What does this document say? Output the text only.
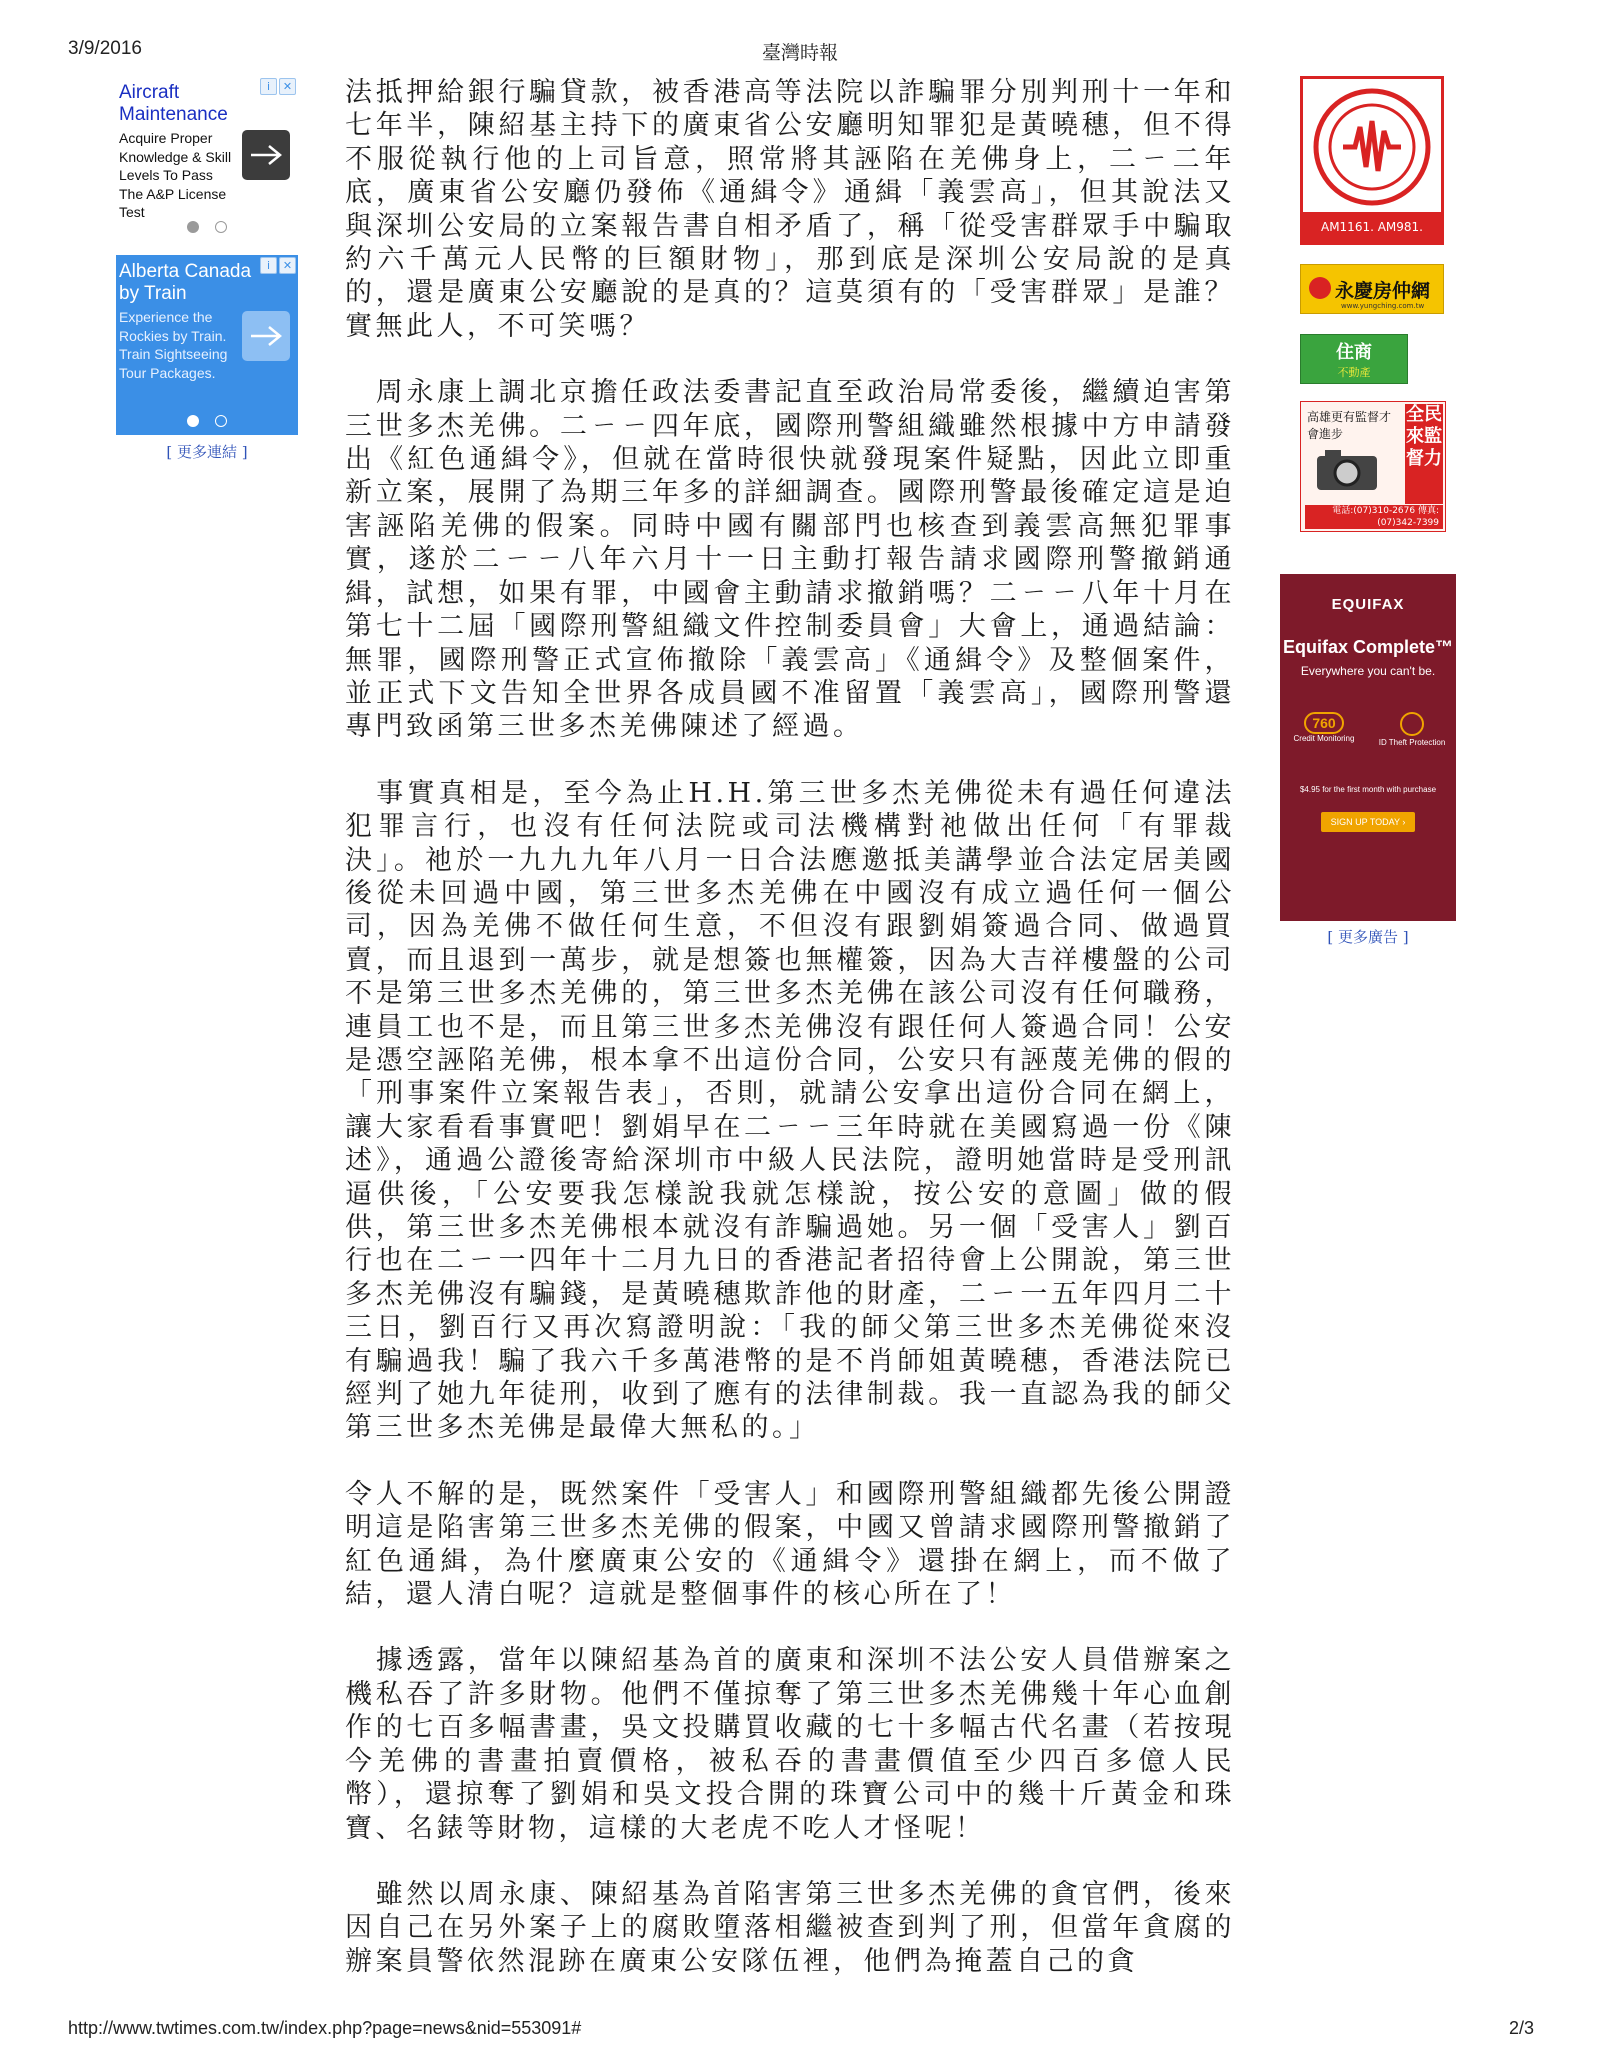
3/9/2016	臺灣時報
i	✕
Aircraft Maintenance
Acquire Proper Knowledge & Skill Levels To Pass The A&P License Test
i	✕
Alberta Canada by Train
Experience the Rockies by Train. Train Sightseeing Tour Packages.
[ 更多連結 ]

法抵押給銀行騙貸款，被香港高等法院以詐騙罪分別判刑十一年和七年半，陳紹基主持下的廣東省公安廳明知罪犯是黃曉穗，但不得不服從執行他的上司旨意，照常將其誣陷在羌佛身上，二ㄧ二年底，廣東省公安廳仍發佈《通緝令》通緝「義雲高」，但其說法又與深圳公安局的立案報告書自相矛盾了，稱「從受害群眾手中騙取約六千萬元人民幣的巨額財物」，那到底是深圳公安局說的是真的，還是廣東公安廳說的是真的？這莫須有的「受害群眾」是誰？實無此人，不可笑嗎？

　周永康上調北京擔任政法委書記直至政治局常委後，繼續迫害第三世多杰羌佛。二ㄧㄧ四年底，國際刑警組織雖然根據中方申請發出《紅色通緝令》，但就在當時很快就發現案件疑點，因此立即重新立案，展開了為期三年多的詳細調查。國際刑警最後確定這是迫害誣陷羌佛的假案。同時中國有關部門也核查到義雲高無犯罪事實，遂於二ㄧㄧ八年六月十一日主動打報告請求國際刑警撤銷通緝，試想，如果有罪，中國會主動請求撤銷嗎？二ㄧㄧ八年十月在第七十二屆「國際刑警組織文件控制委員會」大會上，通過結論：無罪，國際刑警正式宣佈撤除「義雲高」《通緝令》及整個案件，並正式下文告知全世界各成員國不准留置「義雲高」，國際刑警還專門致函第三世多杰羌佛陳述了經過。

　事實真相是，至今為止H.H.第三世多杰羌佛從未有過任何違法犯罪言行，也沒有任何法院或司法機構對祂做出任何「有罪裁決」。祂於一九九九年八月一日合法應邀抵美講學並合法定居美國後從未回過中國，第三世多杰羌佛在中國沒有成立過任何一個公司，因為羌佛不做任何生意，不但沒有跟劉娟簽過合同、做過買賣，而且退到一萬步，就是想簽也無權簽，因為大吉祥樓盤的公司不是第三世多杰羌佛的，第三世多杰羌佛在該公司沒有任何職務，連員工也不是，而且第三世多杰羌佛沒有跟任何人簽過合同！公安是憑空誣陷羌佛，根本拿不出這份合同，公安只有誣蔑羌佛的假的「刑事案件立案報告表」，否則，就請公安拿出這份合同在網上，讓大家看看事實吧！劉娟早在二ㄧㄧ三年時就在美國寫過一份《陳述》，通過公證後寄給深圳市中級人民法院，證明她當時是受刑訊逼供後，「公安要我怎樣說我就怎樣說，按公安的意圖」做的假供，第三世多杰羌佛根本就沒有詐騙過她。另一個「受害人」劉百行也在二ㄧ一四年十二月九日的香港記者招待會上公開說，第三世多杰羌佛沒有騙錢，是黃曉穗欺詐他的財產，二ㄧ一五年四月二十三日，劉百行又再次寫證明說：「我的師父第三世多杰羌佛從來沒有騙過我！騙了我六千多萬港幣的是不肖師姐黃曉穗，香港法院已經判了她九年徒刑，收到了應有的法律制裁。我一直認為我的師父第三世多杰羌佛是最偉大無私的。」

令人不解的是，既然案件「受害人」和國際刑警組織都先後公開證明這是陷害第三世多杰羌佛的假案，中國又曾請求國際刑警撤銷了紅色通緝，為什麼廣東公安的《通緝令》還掛在網上，而不做了結，還人清白呢？這就是整個事件的核心所在了！

　據透露，當年以陳紹基為首的廣東和深圳不法公安人員借辦案之機私吞了許多財物。他們不僅掠奪了第三世多杰羌佛幾十年心血創作的七百多幅書畫，吳文投購買收藏的七十多幅古代名畫（若按現今羌佛的書畫拍賣價格，被私吞的書畫價值至少四百多億人民幣），還掠奪了劉娟和吳文投合開的珠寶公司中的幾十斤黃金和珠寶、名錶等財物，這樣的大老虎不吃人才怪呢！

　雖然以周永康、陳紹基為首陷害第三世多杰羌佛的貪官們，後來因自己在另外案子上的腐敗墮落相繼被查到判了刑，但當年貪腐的辦案員警依然混跡在廣東公安隊伍裡，他們為掩蓋自己的貪

AM1161. AM981. AM882
永慶房仲網
www.yungching.com.tw
住商
不動產
高雄更有監督才會進步
全民來監督力
電話:(07)310-2676 傳真:(07)342-7399
EQUIFAX
Equifax Complete™
Everywhere you can't be.
760
Credit Monitoring	ID Theft Protection
$4.95 for the first month with purchase
SIGN UP TODAY ›
[ 更多廣告 ]
http://www.twtimes.com.tw/index.php?page=news&nid=553091#	2/3
